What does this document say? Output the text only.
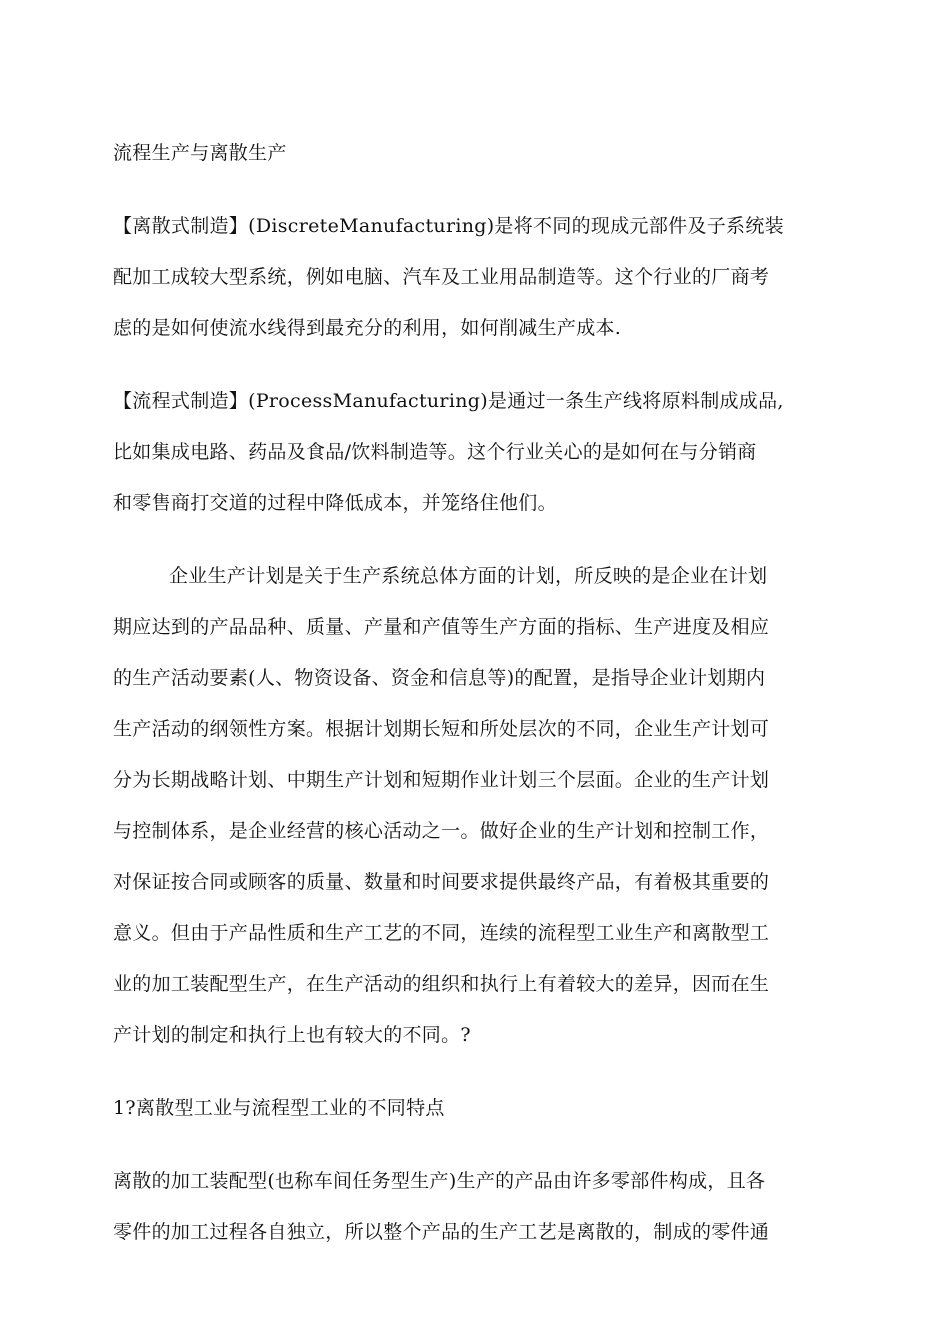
流程生产与离散生产
【离散式制造】(DiscreteManufacturing)是将不同的现成元部件及子系统装
配加工成较大型系统，例如电脑、汽车及工业用品制造等。这个行业的厂商考
虑的是如何使流水线得到最充分的利用，如何削减生产成本.
【流程式制造】(ProcessManufacturing)是通过一条生产线将原料制成成品,
比如集成电路、药品及食品/饮料制造等。这个行业关心的是如何在与分销商
和零售商打交道的过程中降低成本，并笼络住他们。
企业生产计划是关于生产系统总体方面的计划，所反映的是企业在计划
期应达到的产品品种、质量、产量和产值等生产方面的指标、生产进度及相应
的生产活动要素(人、物资设备、资金和信息等)的配置，是指导企业计划期内
生产活动的纲领性方案。根据计划期长短和所处层次的不同，企业生产计划可
分为长期战略计划、中期生产计划和短期作业计划三个层面。企业的生产计划
与控制体系，是企业经营的核心活动之一。做好企业的生产计划和控制工作，
对保证按合同或顾客的质量、数量和时间要求提供最终产品，有着极其重要的
意义。但由于产品性质和生产工艺的不同，连续的流程型工业生产和离散型工
业的加工装配型生产，在生产活动的组织和执行上有着较大的差异，因而在生
产计划的制定和执行上也有较大的不同。?
1?离散型工业与流程型工业的不同特点
离散的加工装配型(也称车间任务型生产)生产的产品由许多零部件构成，且各
零件的加工过程各自独立，所以整个产品的生产工艺是离散的，制成的零件通
